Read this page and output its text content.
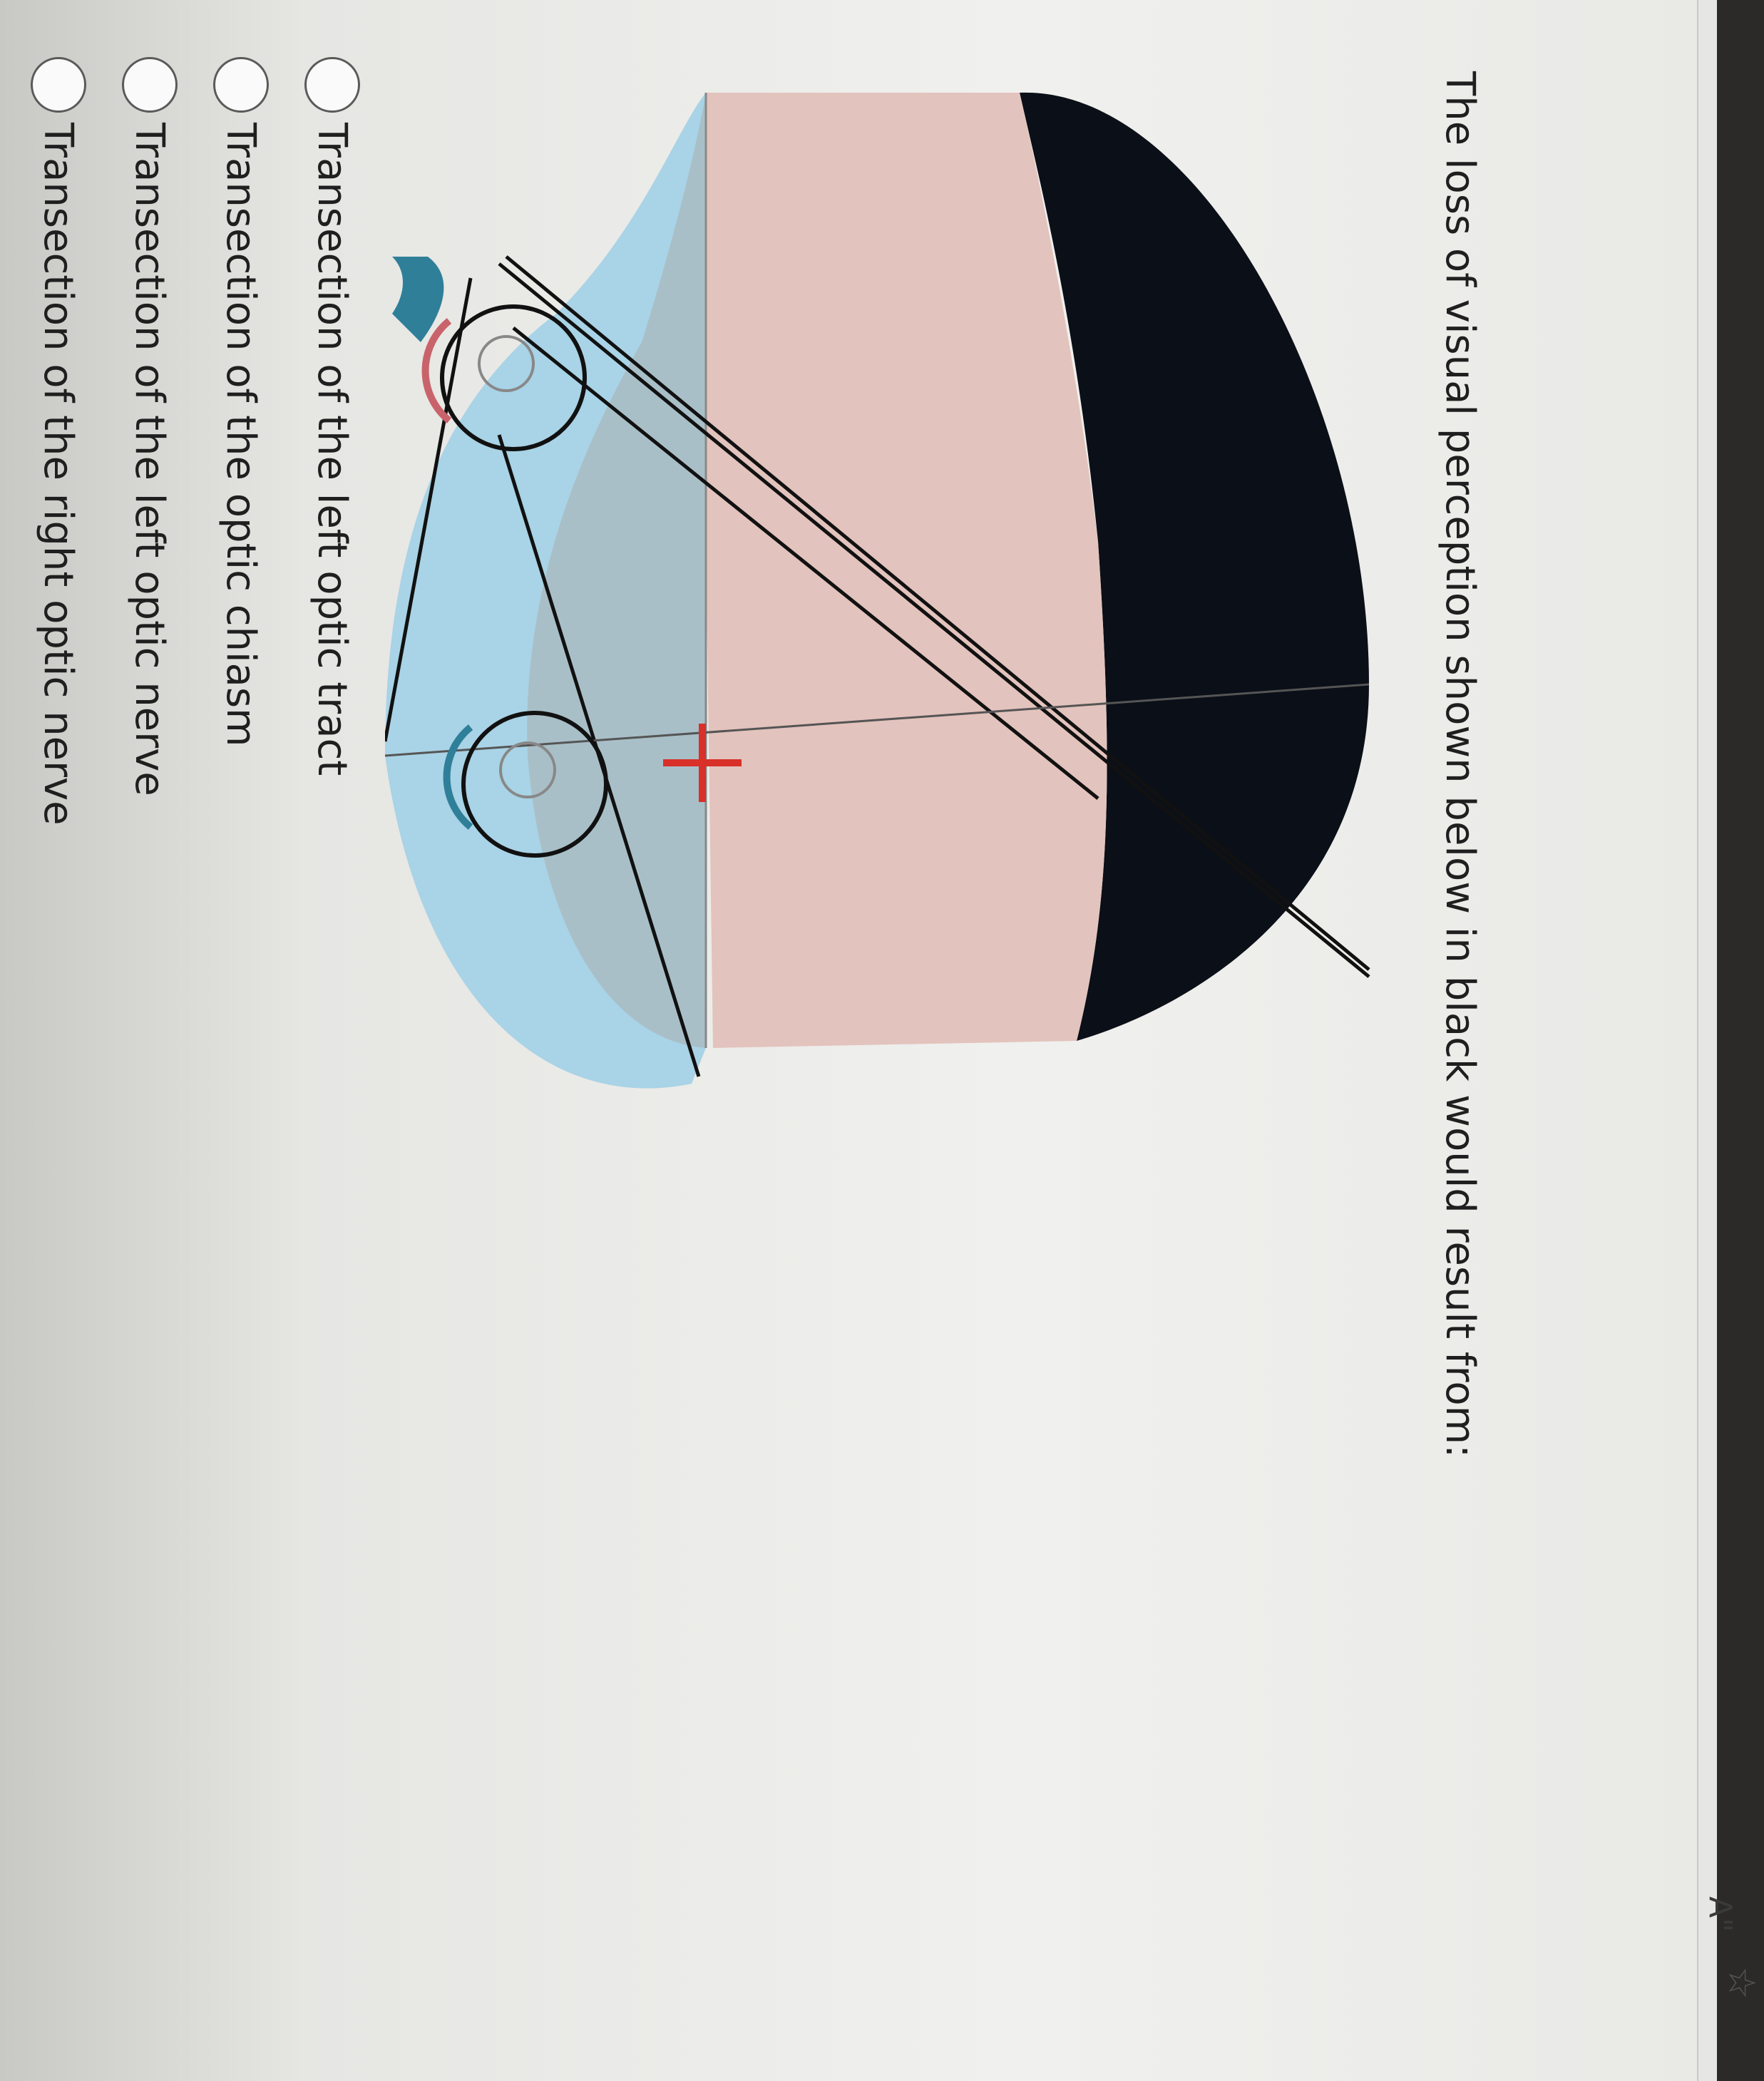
A"
☆
The loss of visual perception shown below in black would result from:
Transection of the left optic tract
Transection of the optic chiasm
Transection of the left optic nerve
Transection of the right optic nerve
